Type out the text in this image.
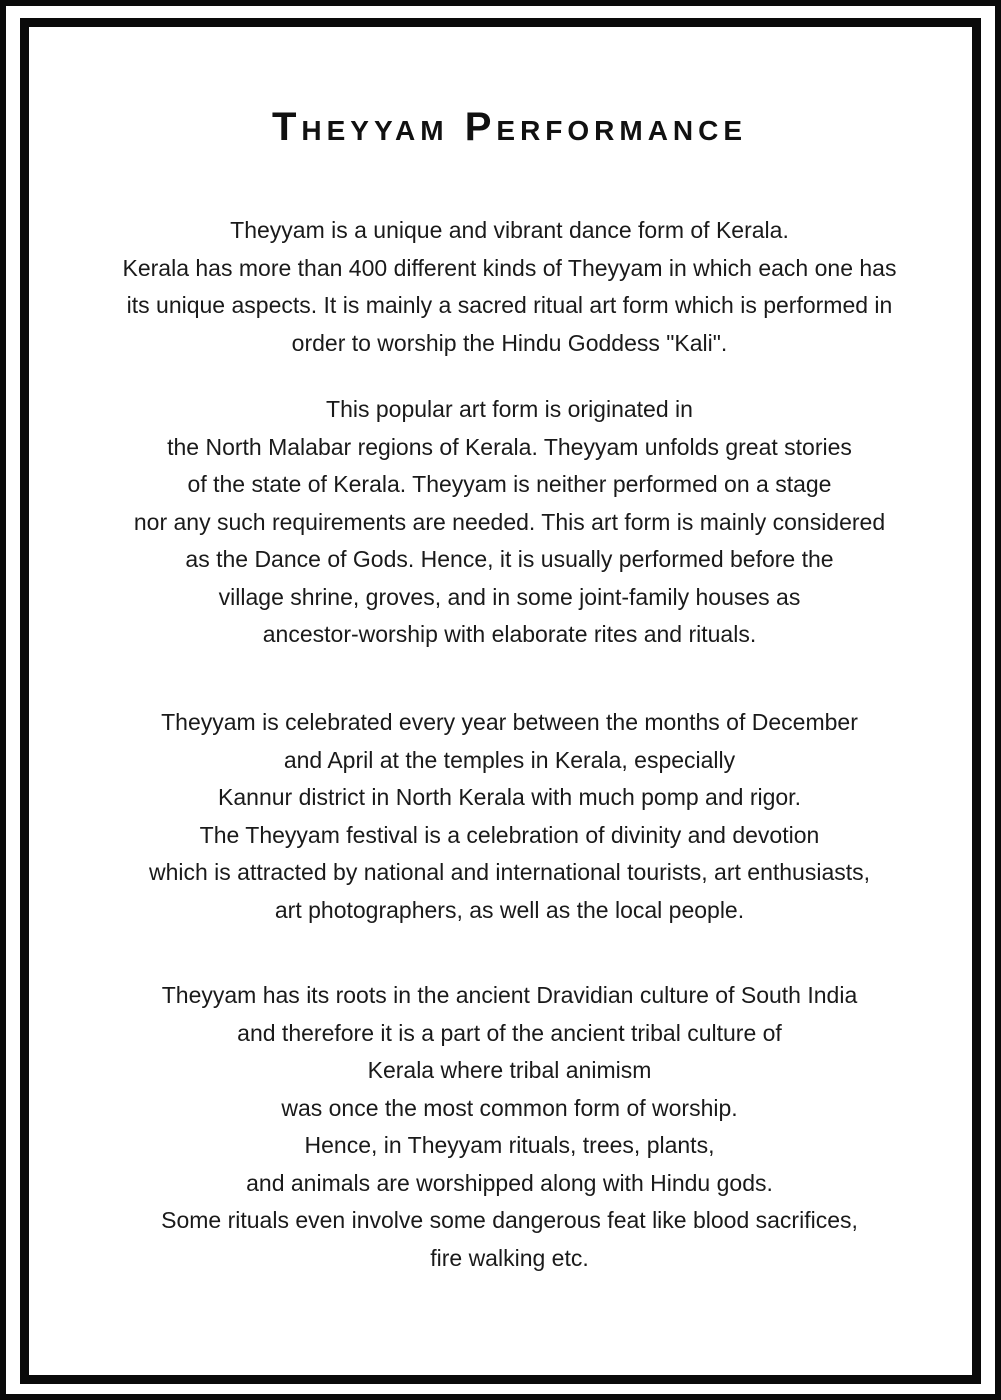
Theyyam Performance
Theyyam is a unique and vibrant dance form of Kerala.
Kerala has more than 400 different kinds of Theyyam in which each one has
its unique aspects. It is mainly a sacred ritual art form which is performed in
order to worship the Hindu Goddess "Kali".
This popular art form is originated in
the North Malabar regions of Kerala. Theyyam unfolds great stories
of the state of Kerala. Theyyam is neither performed on a stage
nor any such requirements are needed. This art form is mainly considered
as the Dance of Gods. Hence, it is usually performed before the
village shrine, groves, and in some joint-family houses as
ancestor-worship with elaborate rites and rituals.
Theyyam is celebrated every year between the months of December
and April at the temples in Kerala, especially
Kannur district in North Kerala with much pomp and rigor.
The Theyyam festival is a celebration of divinity and devotion
which is attracted by national and international tourists, art enthusiasts,
art photographers, as well as the local people.
Theyyam has its roots in the ancient Dravidian culture of South India
and therefore it is a part of the ancient tribal culture of
Kerala where tribal animism
was once the most common form of worship.
Hence, in Theyyam rituals, trees, plants,
and animals are worshipped along with Hindu gods.
Some rituals even involve some dangerous feat like blood sacrifices,
fire walking etc.
